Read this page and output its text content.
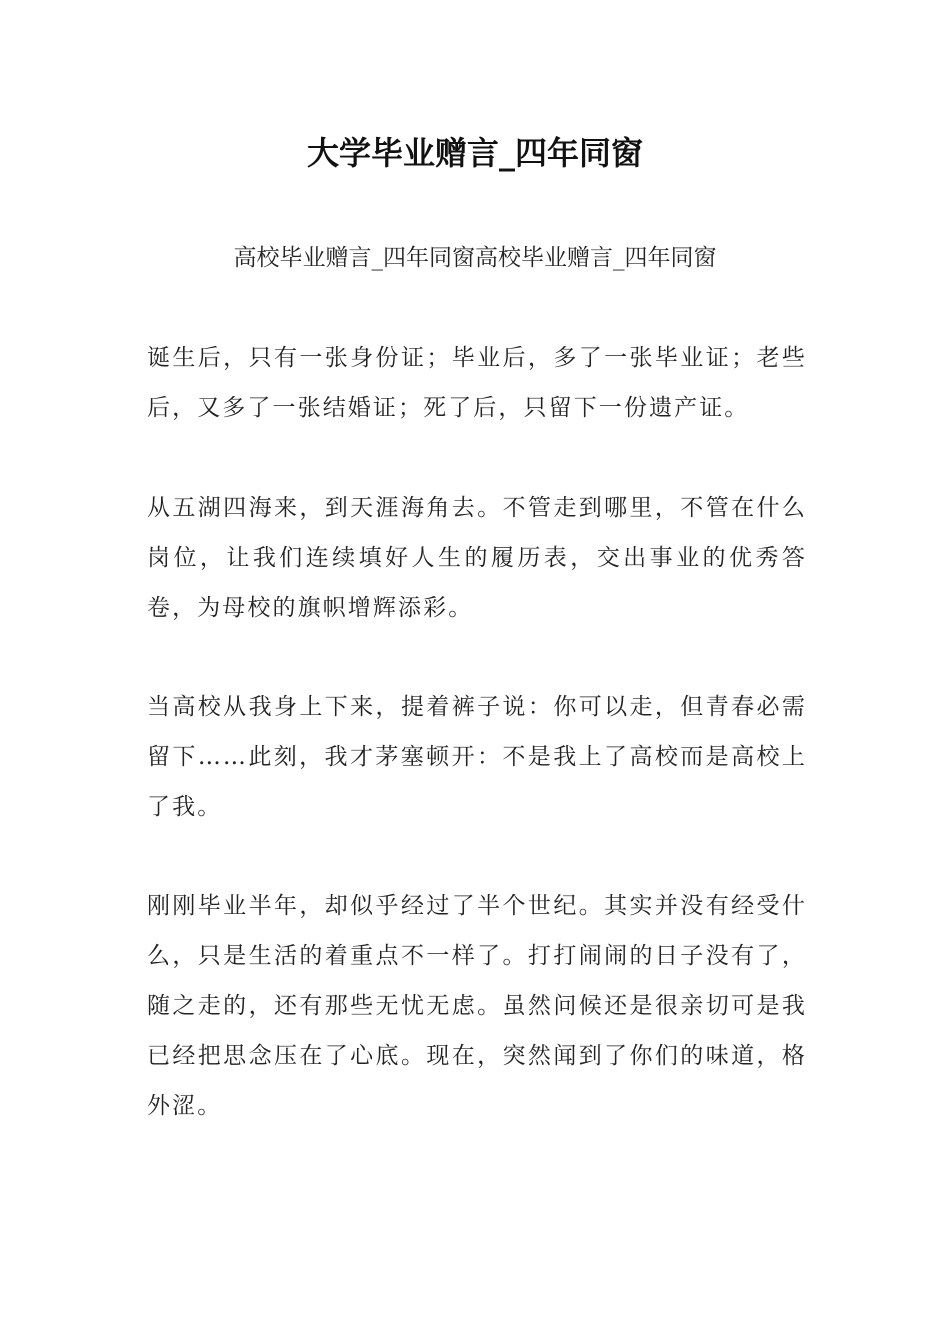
大学毕业赠言_四年同窗

高校毕业赠言_四年同窗高校毕业赠言_四年同窗

诞生后，只有一张身份证；毕业后，多了一张毕业证；老些后，又多了一张结婚证；死了后，只留下一份遗产证。

从五湖四海来，到天涯海角去。不管走到哪里，不管在什么岗位，让我们连续填好人生的履历表，交出事业的优秀答卷，为母校的旗帜增辉添彩。

当高校从我身上下来，提着裤子说：你可以走，但青春必需留下……此刻，我才茅塞顿开：不是我上了高校而是高校上了我。

刚刚毕业半年，却似乎经过了半个世纪。其实并没有经受什么，只是生活的着重点不一样了。打打闹闹的日子没有了，随之走的，还有那些无忧无虑。虽然问候还是很亲切可是我已经把思念压在了心底。现在，突然闻到了你们的味道，格外涩。
